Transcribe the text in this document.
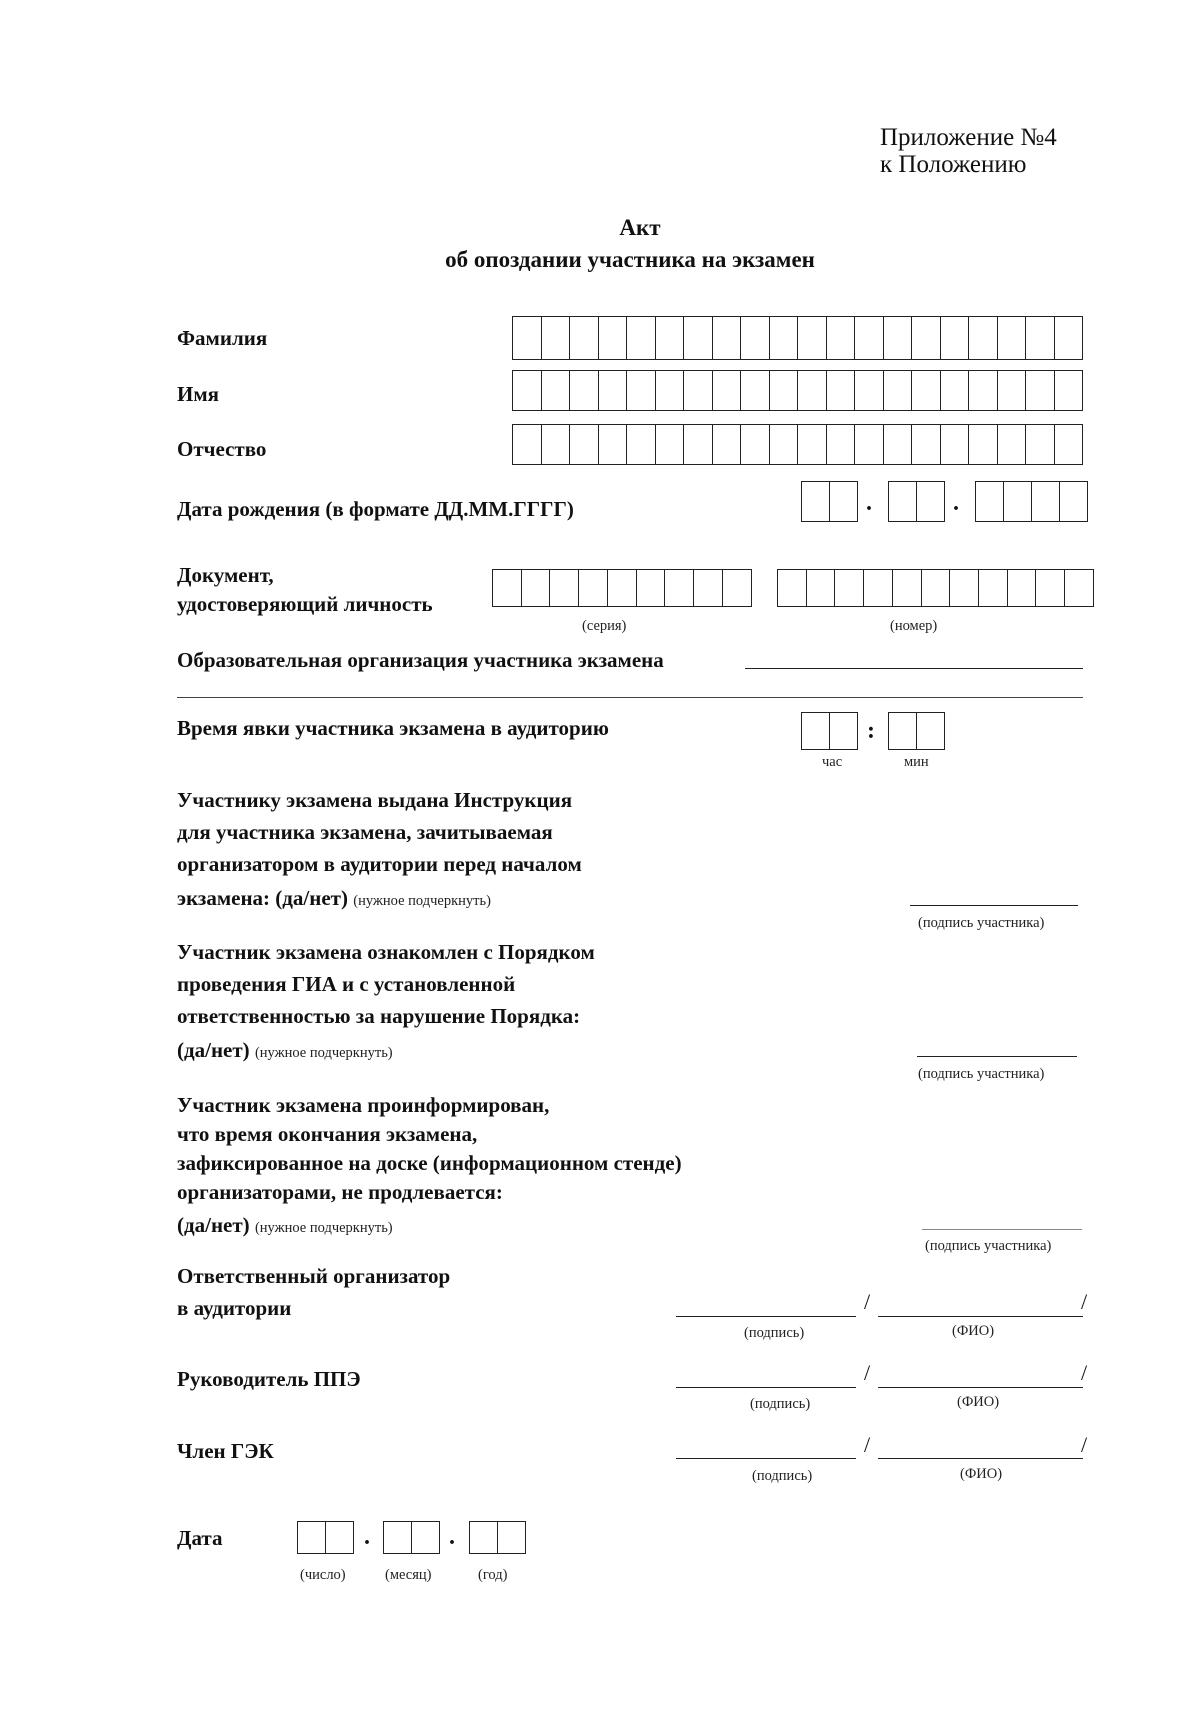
Приложение №4
к Положению
Акт
об опоздании участника на экзамен
Фамилия
Имя
Отчество
Дата рождения (в формате ДД.ММ.ГГГГ)	.	.
Документ,
удостоверяющий личность
(серия)	(номер)
Образовательная организация участника экзамена
Время явки участника экзамена в аудиторию	:
час	мин
Участнику экзамена выдана Инструкция
для участника экзамена, зачитываемая
организатором в аудитории перед началом
экзамена: (да/нет) (нужное подчеркнуть)
(подпись участника)
Участник экзамена ознакомлен с Порядком
проведения ГИА и с установленной
ответственностью за нарушение Порядка:
(да/нет) (нужное подчеркнуть)
(подпись участника)
Участник экзамена проинформирован,
что время окончания экзамена,
зафиксированное на доске (информационном стенде)
организаторами, не продлевается:
(да/нет) (нужное подчеркнуть)
(подпись участника)
Ответственный организатор
в аудитории	/	/
(подпись)	(ФИО)
Руководитель ППЭ	/	/
(подпись)	(ФИО)
Член ГЭК	/	/
(подпись)	(ФИО)
Дата	.	.
(число)	(месяц)	(год)
